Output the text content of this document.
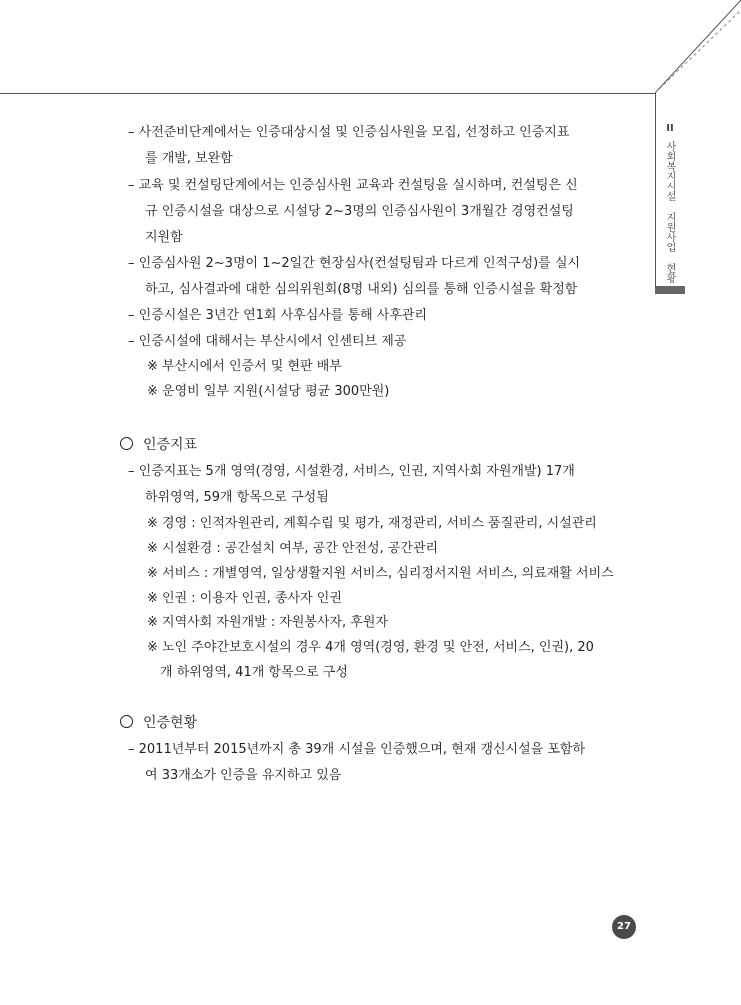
II
사회복지시설 지원사업 현황
– 사전준비단계에서는 인증대상시설 및 인증심사원을 모집, 선정하고 인증지표
를 개발, 보완함
– 교육 및 컨설팅단계에서는 인증심사원 교육과 컨설팅을 실시하며, 컨설팅은 신
규 인증시설을 대상으로 시설당 2~3명의 인증심사원이 3개월간 경영컨설팅
지원함
– 인증심사원 2~3명이 1~2일간 현장심사(컨설팅팀과 다르게 인적구성)를 실시
하고, 심사결과에 대한 심의위원회(8명 내외) 심의를 통해 인증시설을 확정함
– 인증시설은 3년간 연1회 사후심사를 통해 사후관리
– 인증시설에 대해서는 부산시에서 인센티브 제공
※ 부산시에서 인증서 및 현판 배부
※ 운영비 일부 지원(시설당 평균 300만원)
인증지표
– 인증지표는 5개 영역(경영, 시설환경, 서비스, 인권, 지역사회 자원개발) 17개
하위영역, 59개 항목으로 구성됨
※ 경영 : 인적자원관리, 계획수립 및 평가, 재정관리, 서비스 품질관리, 시설관리
※ 시설환경 : 공간설치 여부, 공간 안전성, 공간관리
※ 서비스 : 개별영역, 일상생활지원 서비스, 심리정서지원 서비스, 의료재활 서비스
※ 인권 : 이용자 인권, 종사자 인권
※ 지역사회 자원개발 : 자원봉사자, 후원자
※ 노인 주야간보호시설의 경우 4개 영역(경영, 환경 및 안전, 서비스, 인권), 20
개 하위영역, 41개 항목으로 구성
인증현황
– 2011년부터 2015년까지 총 39개 시설을 인증했으며, 현재 갱신시설을 포함하
여 33개소가 인증을 유지하고 있음
27
